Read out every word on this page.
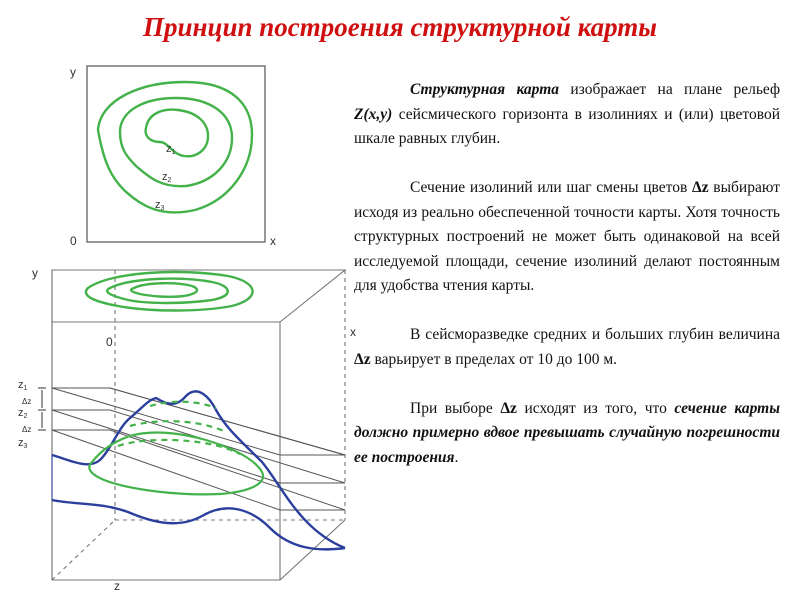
Принцип построения структурной карты
y
x
0
z1
z2
z3
y
x
0
z
z1
z2
z3
Δz
Δz

Структурная карта изображает на плане рельеф Z(x,y) сейсмического горизонта в изолиниях и (или) цветовой шкале равных глубин.

Сечение изолиний или шаг смены цветов Δz выбирают исходя из реально обеспеченной точности карты. Хотя точность структурных построений не может быть одинаковой на всей исследуемой площади, сечение изолиний делают постоянным для удобства чтения карты.

В сейсморазведке средних и больших глубин величина Δz варьирует в пределах от 10 до 100 м.

При выборе Δz исходят из того, что сечение карты должно примерно вдвое превышать случайную погрешности ее построения.
